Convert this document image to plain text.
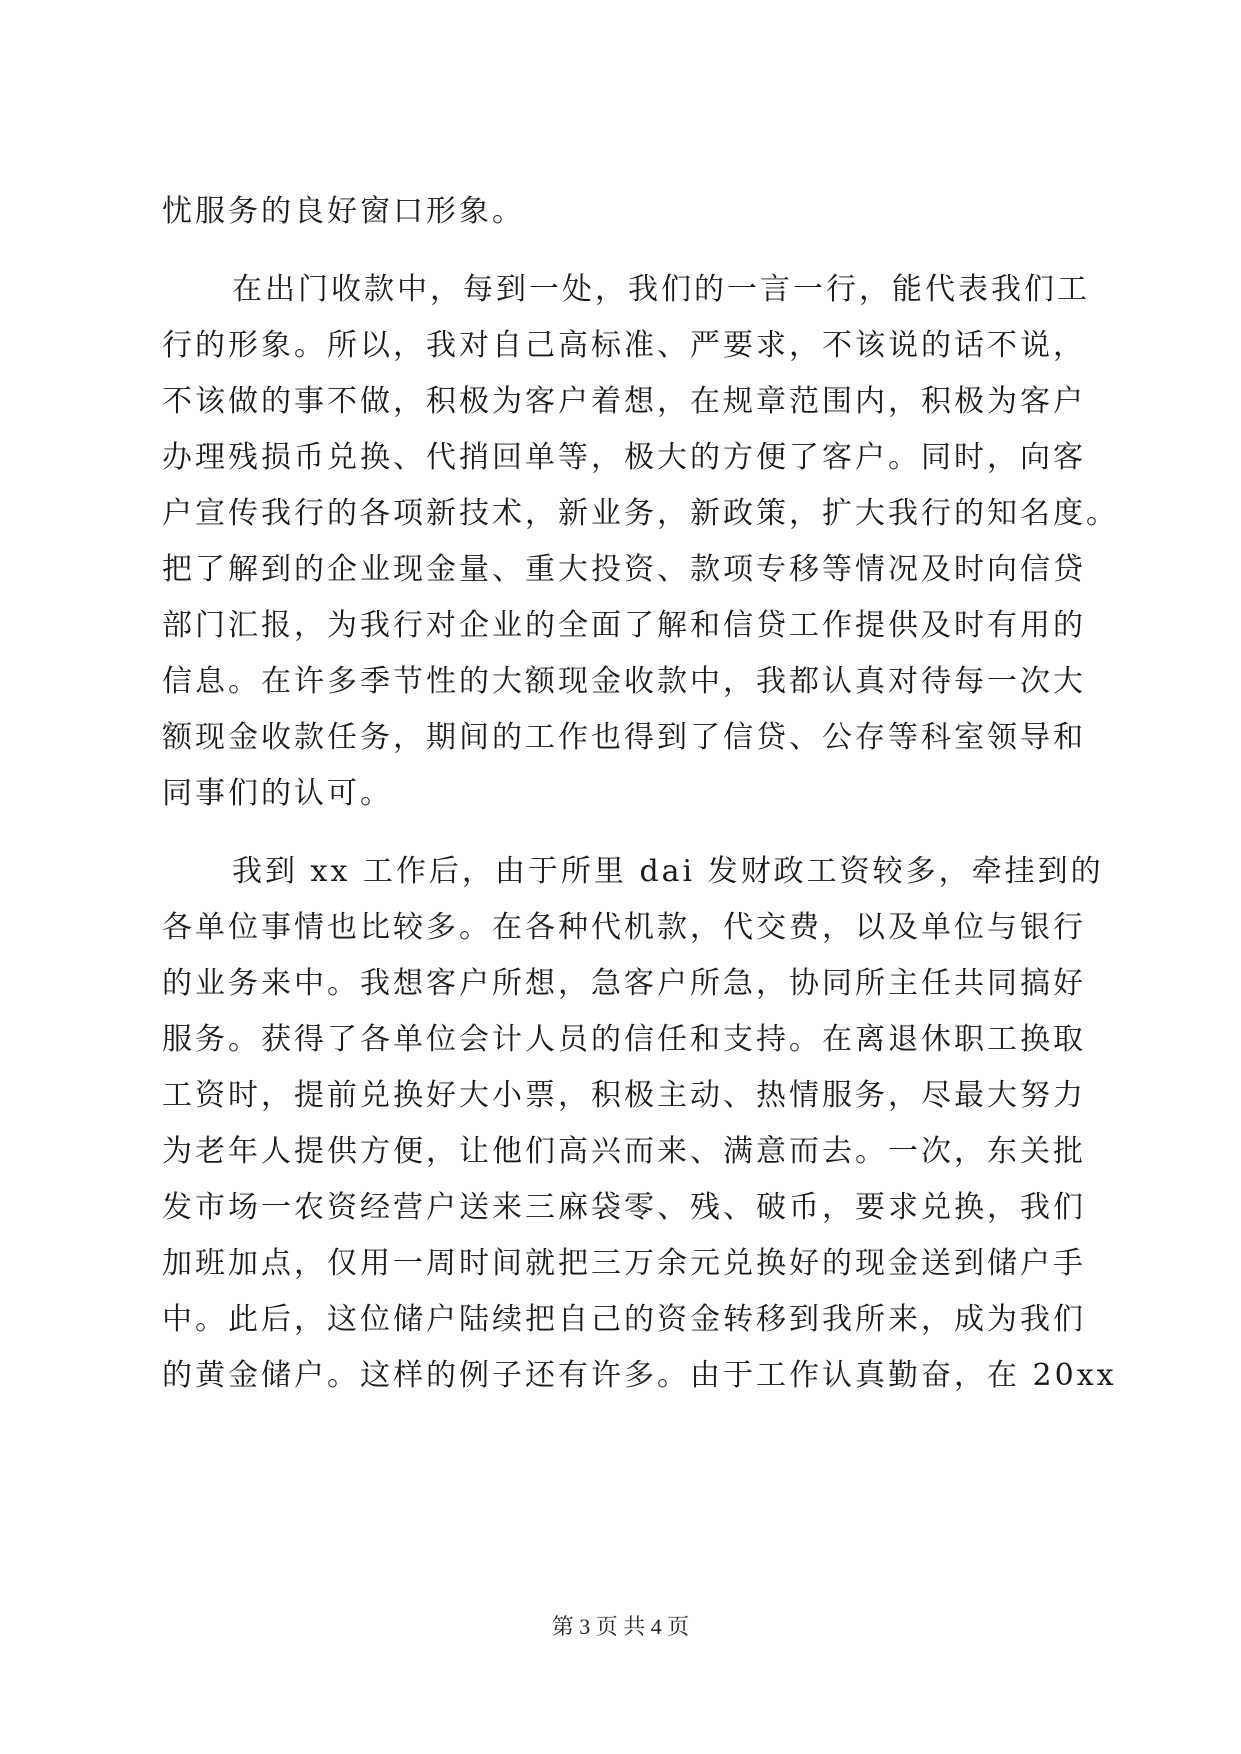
忧服务的良好窗口形象。
在出门收款中，每到一处，我们的一言一行，能代表我们工
行的形象。所以，我对自己高标准、严要求，不该说的话不说，
不该做的事不做，积极为客户着想，在规章范围内，积极为客户
办理残损币兑换、代捎回单等，极大的方便了客户。同时，向客
户宣传我行的各项新技术，新业务，新政策，扩大我行的知名度。
把了解到的企业现金量、重大投资、款项专移等情况及时向信贷
部门汇报，为我行对企业的全面了解和信贷工作提供及时有用的
信息。在许多季节性的大额现金收款中，我都认真对待每一次大
额现金收款任务，期间的工作也得到了信贷、公存等科室领导和
同事们的认可。
我到 xx 工作后，由于所里 dai 发财政工资较多，牵挂到的
各单位事情也比较多。在各种代机款，代交费，以及单位与银行
的业务来中。我想客户所想，急客户所急，协同所主任共同搞好
服务。获得了各单位会计人员的信任和支持。在离退休职工换取
工资时，提前兑换好大小票，积极主动、热情服务，尽最大努力
为老年人提供方便，让他们高兴而来、满意而去。一次，东关批
发市场一农资经营户送来三麻袋零、残、破币，要求兑换，我们
加班加点，仅用一周时间就把三万余元兑换好的现金送到储户手
中。此后，这位储户陆续把自己的资金转移到我所来，成为我们
的黄金储户。这样的例子还有许多。由于工作认真勤奋，在 20xx
第 3 页 共 4 页
